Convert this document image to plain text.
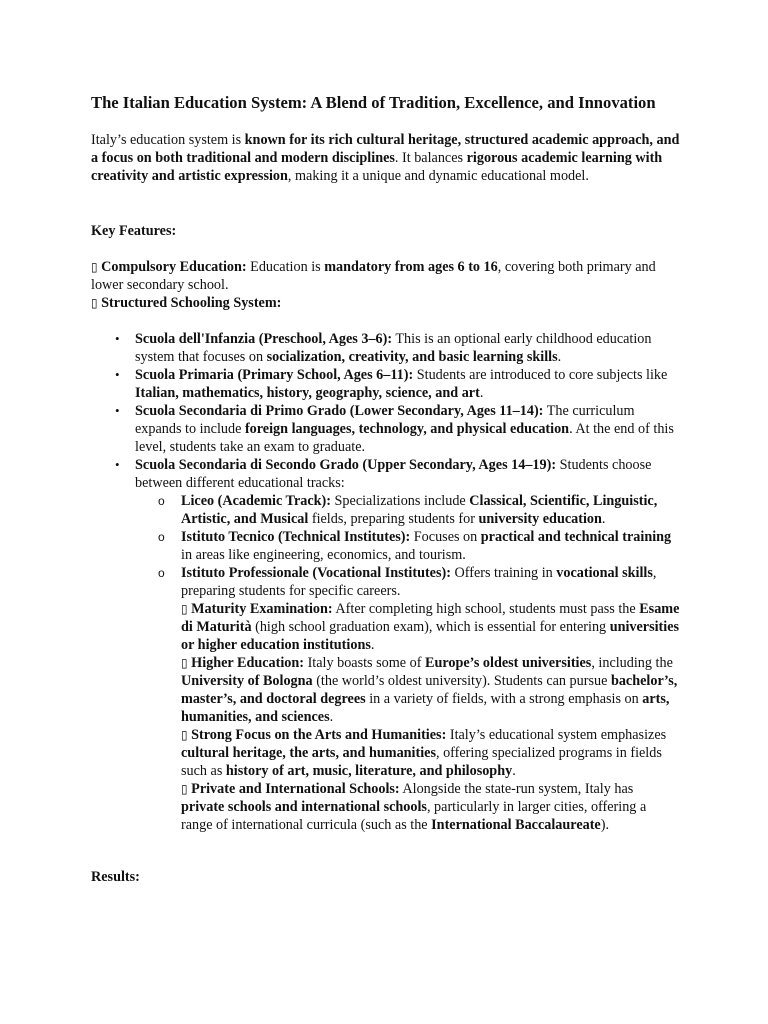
The Italian Education System: A Blend of Tradition, Excellence, and Innovation

Italy’s education system is known for its rich cultural heritage, structured academic approach, and a focus on both traditional and modern disciplines. It balances rigorous academic learning with creativity and artistic expression, making it a unique and dynamic educational model.

Key Features:

▯ Compulsory Education: Education is mandatory from ages 6 to 16, covering both primary and lower secondary school.

▯ Structured Schooling System:

• Scuola dell'Infanzia (Preschool, Ages 3–6): This is an optional early childhood education system that focuses on socialization, creativity, and basic learning skills.
• Scuola Primaria (Primary School, Ages 6–11): Students are introduced to core subjects like Italian, mathematics, history, geography, science, and art.
• Scuola Secondaria di Primo Grado (Lower Secondary, Ages 11–14): The curriculum expands to include foreign languages, technology, and physical education. At the end of this level, students take an exam to graduate.
• Scuola Secondaria di Secondo Grado (Upper Secondary, Ages 14–19): Students choose between different educational tracks:
o Liceo (Academic Track): Specializations include Classical, Scientific, Linguistic, Artistic, and Musical fields, preparing students for university education.
o Istituto Tecnico (Technical Institutes): Focuses on practical and technical training in areas like engineering, economics, and tourism.
o Istituto Professionale (Vocational Institutes): Offers training in vocational skills, preparing students for specific careers.
▯ Maturity Examination: After completing high school, students must pass the Esame di Maturità (high school graduation exam), which is essential for entering universities or higher education institutions.
▯ Higher Education: Italy boasts some of Europe’s oldest universities, including the University of Bologna (the world’s oldest university). Students can pursue bachelor’s, master’s, and doctoral degrees in a variety of fields, with a strong emphasis on arts, humanities, and sciences.
▯ Strong Focus on the Arts and Humanities: Italy’s educational system emphasizes cultural heritage, the arts, and humanities, offering specialized programs in fields such as history of art, music, literature, and philosophy.
▯ Private and International Schools: Alongside the state-run system, Italy has private schools and international schools, particularly in larger cities, offering a range of international curricula (such as the International Baccalaureate).

Results:
